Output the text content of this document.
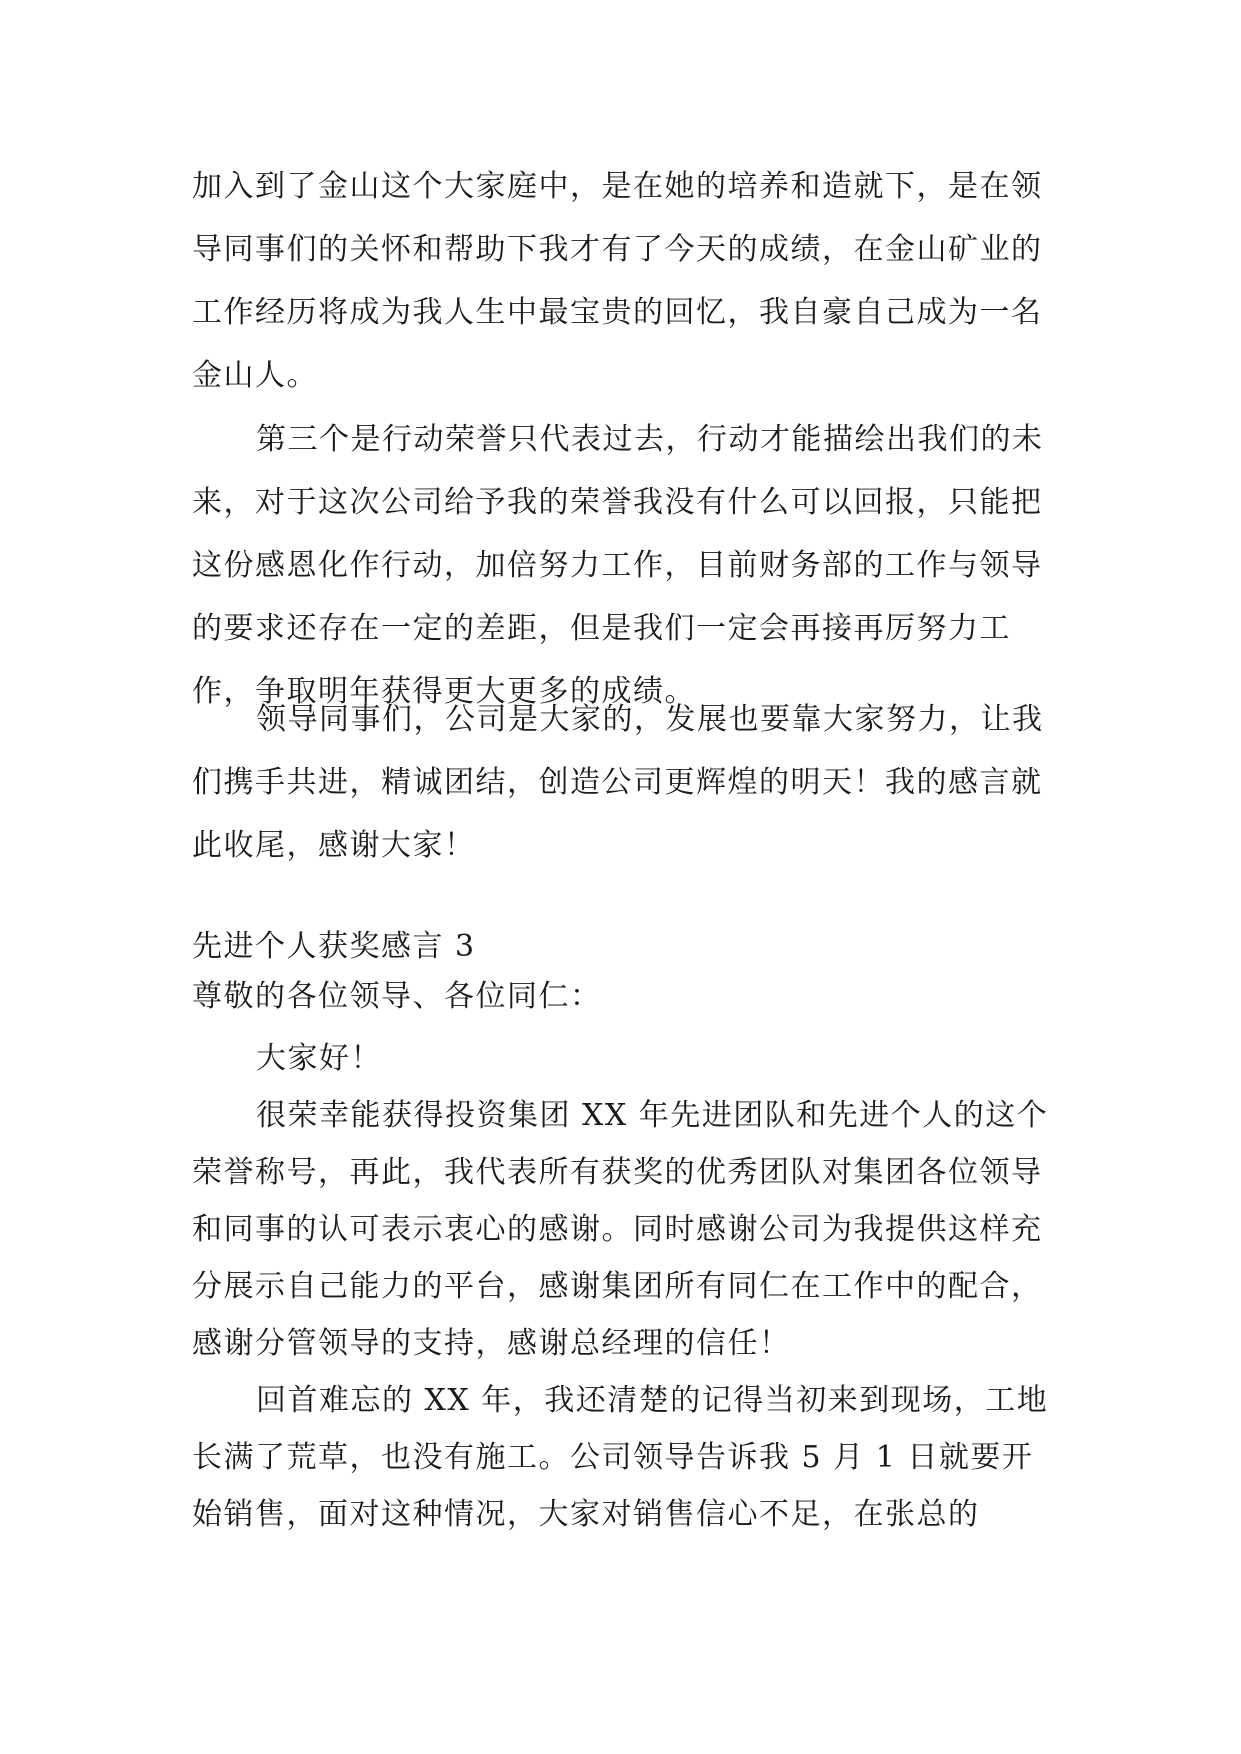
加入到了金山这个大家庭中，是在她的培养和造就下，是在领导同事们的关怀和帮助下我才有了今天的成绩，在金山矿业的工作经历将成为我人生中最宝贵的回忆，我自豪自己成为一名金山人。

第三个是行动荣誉只代表过去，行动才能描绘出我们的未来，对于这次公司给予我的荣誉我没有什么可以回报，只能把这份感恩化作行动，加倍努力工作，目前财务部的工作与领导的要求还存在一定的差距，但是我们一定会再接再厉努力工作，争取明年获得更大更多的成绩。

领导同事们，公司是大家的，发展也要靠大家努力，让我们携手共进，精诚团结，创造公司更辉煌的明天！我的感言就此收尾，感谢大家！

先进个人获奖感言 3

尊敬的各位领导、各位同仁：

大家好！

很荣幸能获得投资集团 XX 年先进团队和先进个人的这个荣誉称号，再此，我代表所有获奖的优秀团队对集团各位领导和同事的认可表示衷心的感谢。同时感谢公司为我提供这样充分展示自己能力的平台，感谢集团所有同仁在工作中的配合，感谢分管领导的支持，感谢总经理的信任！

回首难忘的 XX 年，我还清楚的记得当初来到现场，工地长满了荒草，也没有施工。公司领导告诉我 5 月 1 日就要开始销售，面对这种情况，大家对销售信心不足，在张总的
